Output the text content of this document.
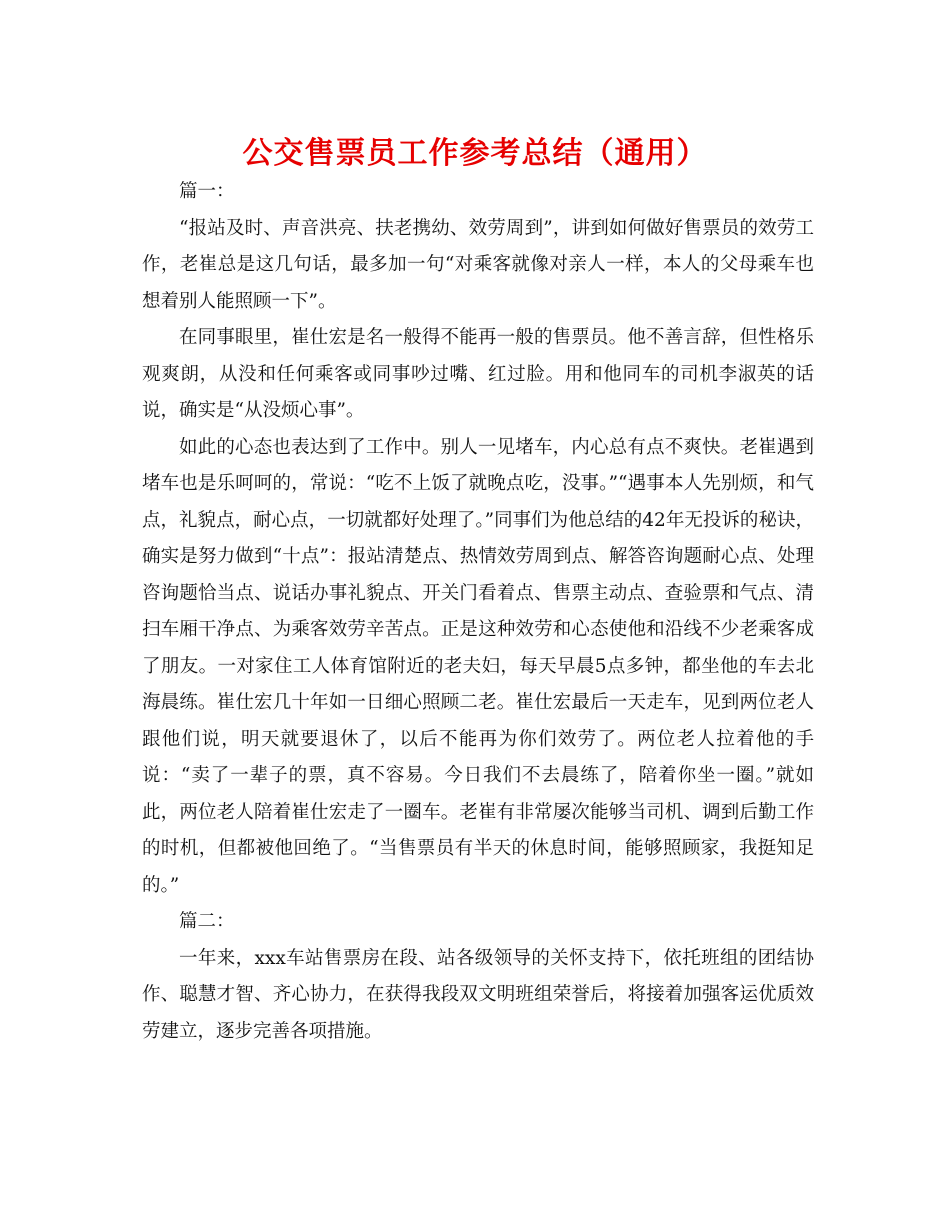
公交售票员工作参考总结（通用）

篇一：

“报站及时、声音洪亮、扶老携幼、效劳周到”，讲到如何做好售票员的效劳工作，老崔总是这几句话，最多加一句“对乘客就像对亲人一样，本人的父母乘车也想着别人能照顾一下”。

在同事眼里，崔仕宏是名一般得不能再一般的售票员。他不善言辞，但性格乐观爽朗，从没和任何乘客或同事吵过嘴、红过脸。用和他同车的司机李淑英的话说，确实是“从没烦心事”。

如此的心态也表达到了工作中。别人一见堵车，内心总有点不爽快。老崔遇到堵车也是乐呵呵的，常说：“吃不上饭了就晚点吃，没事。”“遇事本人先别烦，和气点，礼貌点，耐心点，一切就都好处理了。”同事们为他总结的42年无投诉的秘诀，确实是努力做到“十点”：报站清楚点、热情效劳周到点、解答咨询题耐心点、处理咨询题恰当点、说话办事礼貌点、开关门看着点、售票主动点、查验票和气点、清扫车厢干净点、为乘客效劳辛苦点。正是这种效劳和心态使他和沿线不少老乘客成了朋友。一对家住工人体育馆附近的老夫妇，每天早晨5点多钟，都坐他的车去北海晨练。崔仕宏几十年如一日细心照顾二老。崔仕宏最后一天走车，见到两位老人跟他们说，明天就要退休了，以后不能再为你们效劳了。两位老人拉着他的手说：“卖了一辈子的票，真不容易。今日我们不去晨练了，陪着你坐一圈。”就如此，两位老人陪着崔仕宏走了一圈车。老崔有非常屡次能够当司机、调到后勤工作的时机，但都被他回绝了。“当售票员有半天的休息时间，能够照顾家，我挺知足的。”

篇二：

一年来，xxx车站售票房在段、站各级领导的关怀支持下，依托班组的团结协作、聪慧才智、齐心协力，在获得我段双文明班组荣誉后，将接着加强客运优质效劳建立，逐步完善各项措施。
